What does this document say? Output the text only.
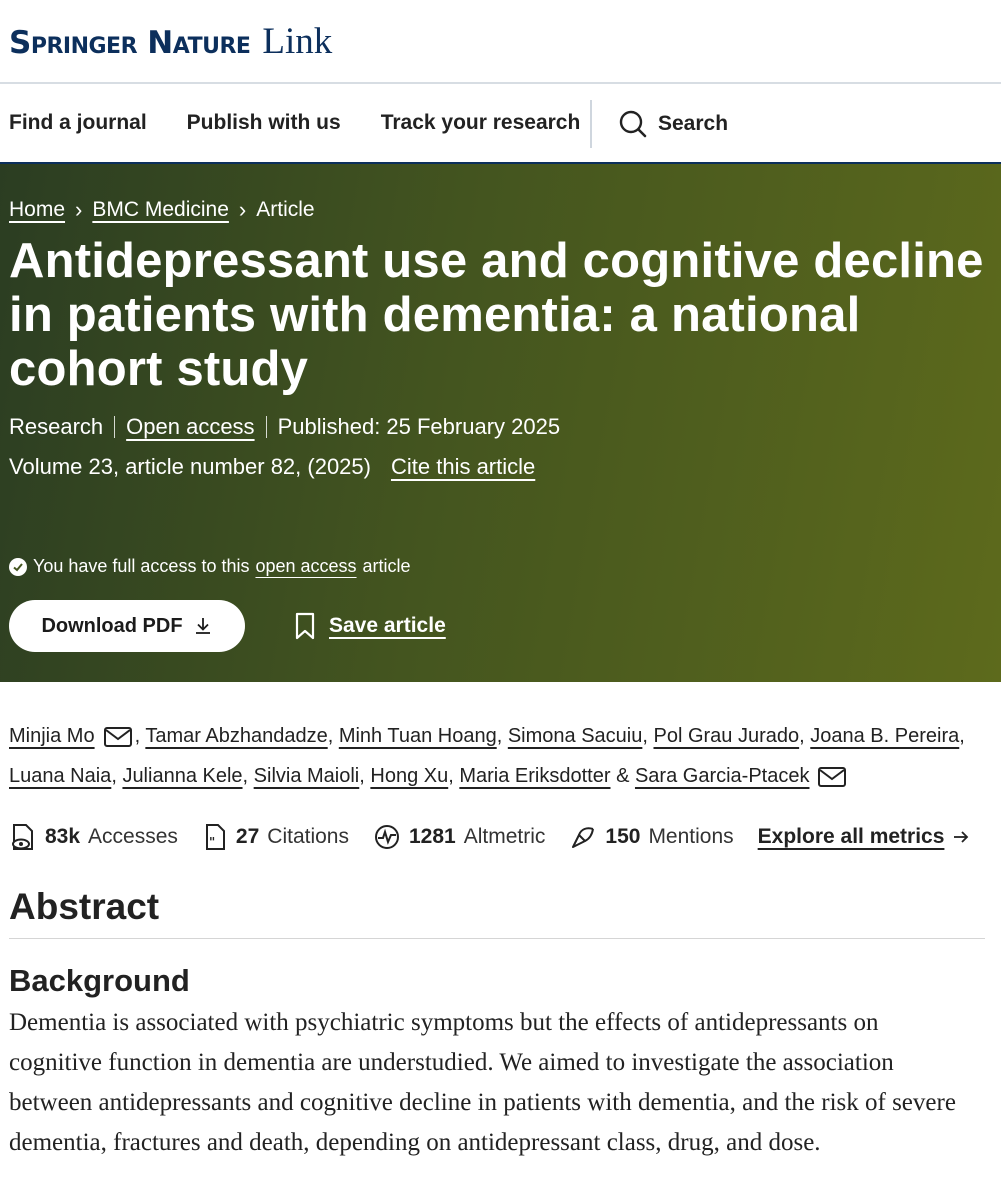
Springer Nature Link
Find a journal Publish with us Track your research	Search
Home › BMC Medicine › Article
Antidepressant use and cognitive decline in patients with dementia: a national cohort study
Research Open access Published: 25 February 2025
Volume 23, article number 82, (2025) Cite this article
You have full access to this open access article
Download PDF	Save article
Minjia Mo , Tamar Abzhandadze, Minh Tuan Hoang, Simona Sacuiu, Pol Grau Jurado, Joana B. Pereira, Luana Naia, Julianna Kele, Silvia Maioli, Hong Xu, Maria Eriksdotter & Sara Garcia-Ptacek
83k Accesses	" 27 Citations	1281 Altmetric	150 Mentions Explore all metrics
Abstract
Background

Dementia is associated with psychiatric symptoms but the effects of antidepressants on cognitive function in dementia are understudied. We aimed to investigate the association between antidepressants and cognitive decline in patients with dementia, and the risk of severe dementia, fractures and death, depending on antidepressant class, drug, and dose.
